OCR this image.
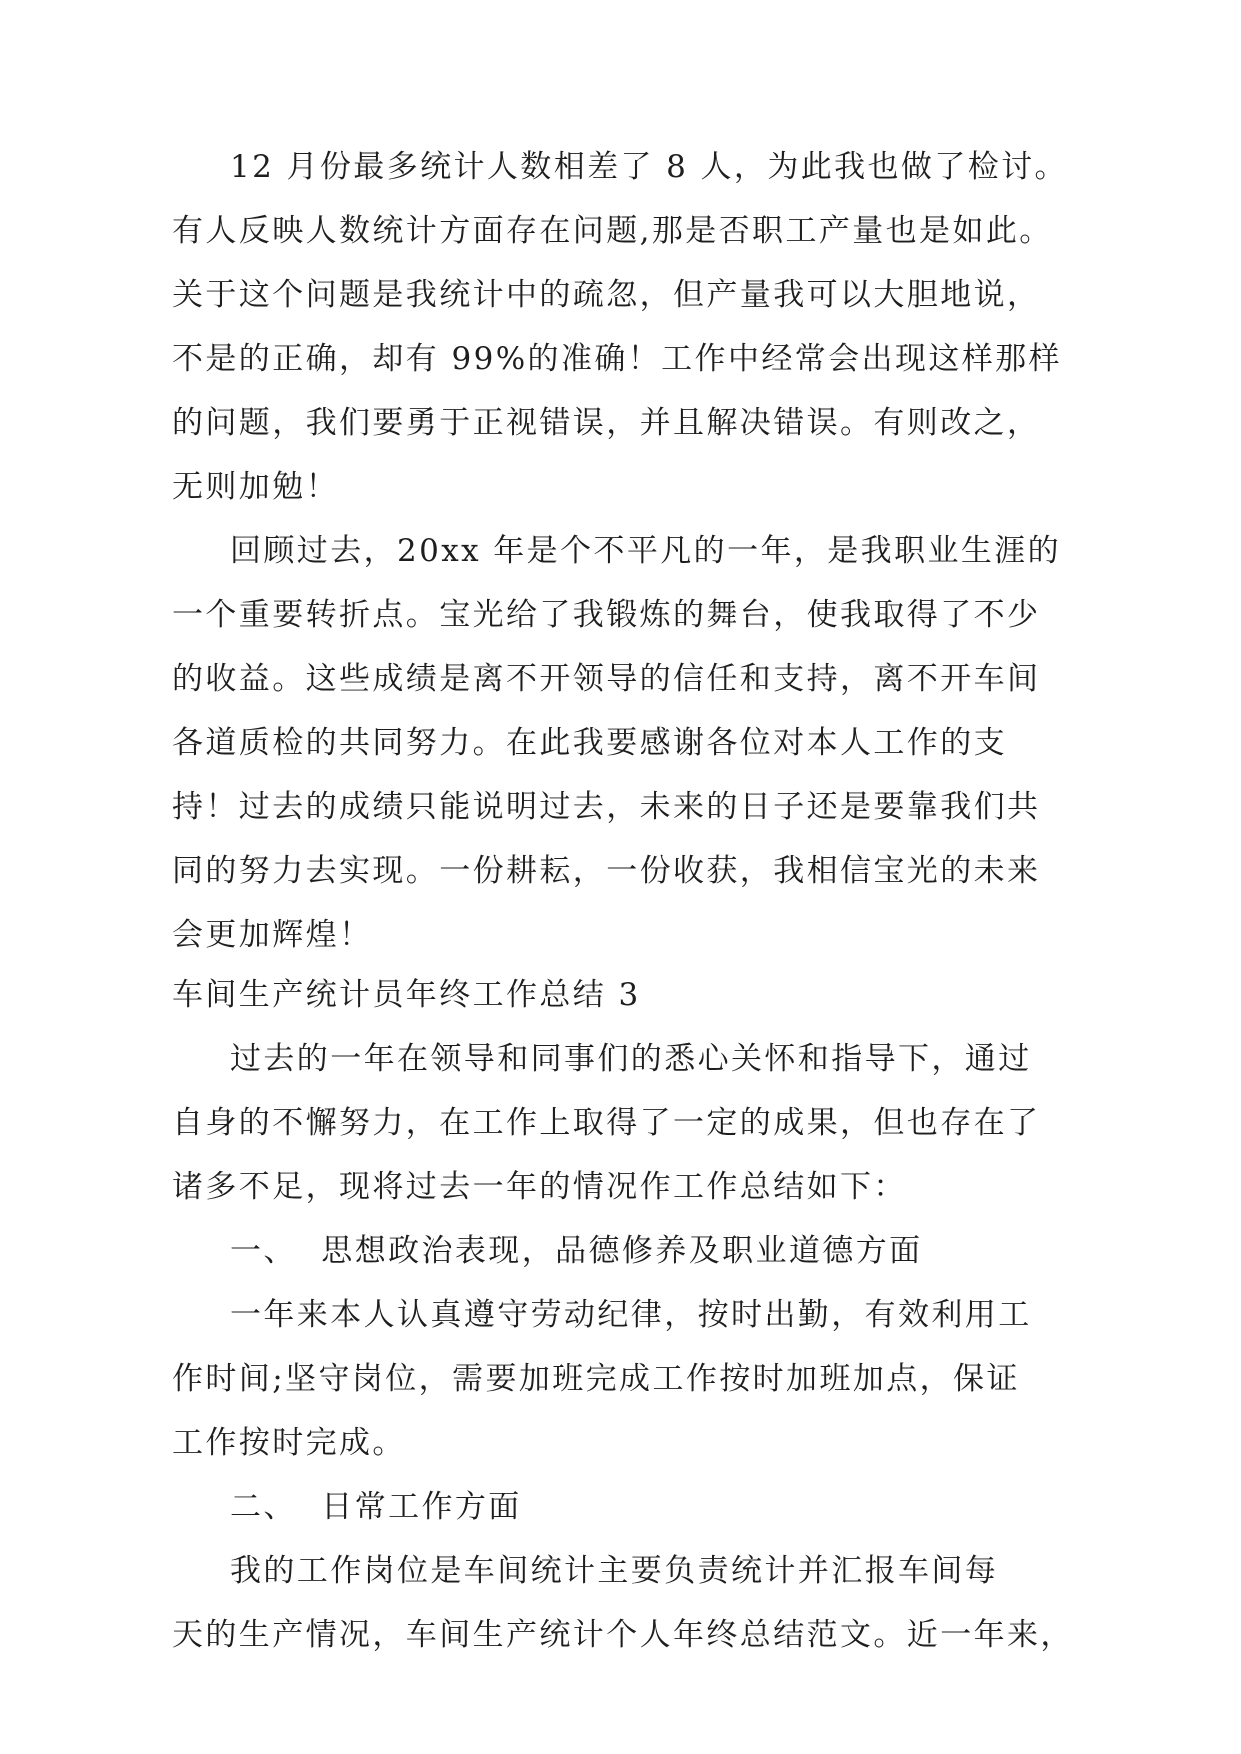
12 月份最多统计人数相差了 8 人，为此我也做了检讨。

有人反映人数统计方面存在问题,那是否职工产量也是如此。

关于这个问题是我统计中的疏忽，但产量我可以大胆地说，

不是的正确，却有 99%的准确！工作中经常会出现这样那样

的问题，我们要勇于正视错误，并且解决错误。有则改之，

无则加勉！

回顾过去，20xx 年是个不平凡的一年，是我职业生涯的

一个重要转折点。宝光给了我锻炼的舞台，使我取得了不少

的收益。这些成绩是离不开领导的信任和支持，离不开车间

各道质检的共同努力。在此我要感谢各位对本人工作的支

持！过去的成绩只能说明过去，未来的日子还是要靠我们共

同的努力去实现。一份耕耘，一份收获，我相信宝光的未来

会更加辉煌！

车间生产统计员年终工作总结 3

过去的一年在领导和同事们的悉心关怀和指导下，通过

自身的不懈努力，在工作上取得了一定的成果，但也存在了

诸多不足，现将过去一年的情况作工作总结如下：

一、  思想政治表现，品德修养及职业道德方面

一年来本人认真遵守劳动纪律，按时出勤，有效利用工

作时间;坚守岗位，需要加班完成工作按时加班加点，保证

工作按时完成。

二、  日常工作方面

我的工作岗位是车间统计主要负责统计并汇报车间每

天的生产情况，车间生产统计个人年终总结范文。近一年来，
